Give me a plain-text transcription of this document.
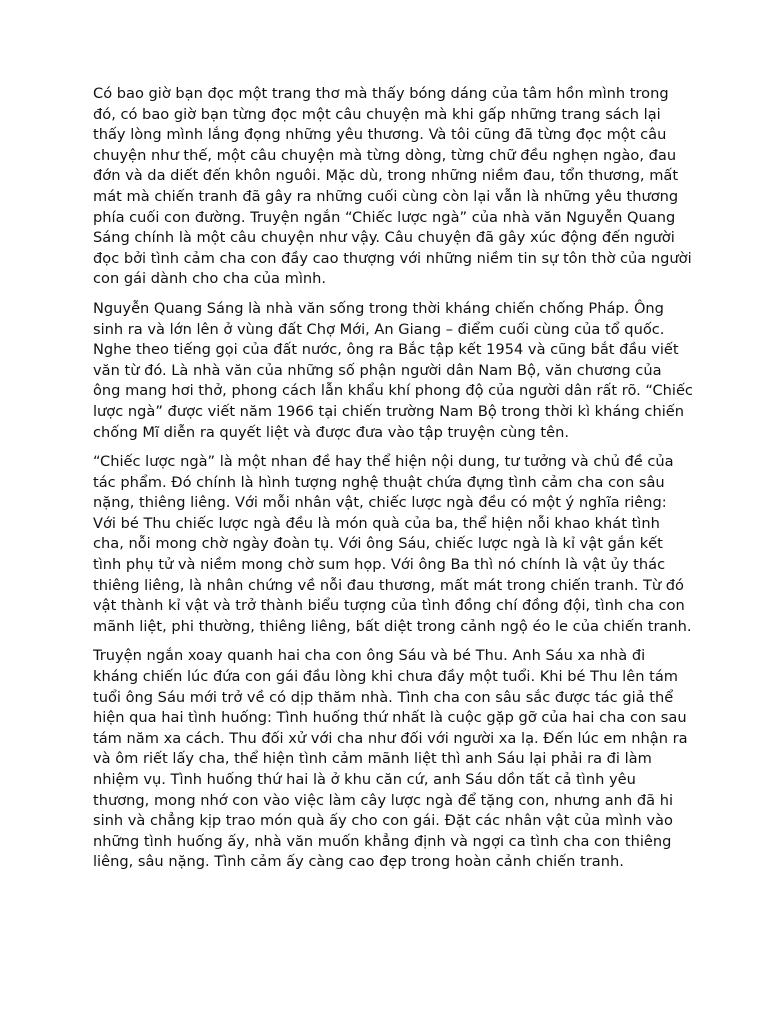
Có bao giờ bạn đọc một trang thơ mà thấy bóng dáng của tâm hồn mình trong đó, có bao giờ bạn từng đọc một câu chuyện mà khi gấp những trang sách lại thấy lòng mình lắng đọng những yêu thương. Và tôi cũng đã từng đọc một câu chuyện như thế, một câu chuyện mà từng dòng, từng chữ đều nghẹn ngào, đau đớn và da diết đến khôn nguôi. Mặc dù, trong những niềm đau, tổn thương, mất mát mà chiến tranh đã gây ra những cuối cùng còn lại vẫn là những yêu thương phía cuối con đường. Truyện ngắn “Chiếc lược ngà” của nhà văn Nguyễn Quang Sáng chính là một câu chuyện như vậy. Câu chuyện đã gây xúc động đến người đọc bởi tình cảm cha con đầy cao thượng với những niềm tin sự tôn thờ của người con gái dành cho cha của mình.

Nguyễn Quang Sáng là nhà văn sống trong thời kháng chiến chống Pháp. Ông sinh ra và lớn lên ở vùng đất Chợ Mới, An Giang – điểm cuối cùng của tổ quốc. Nghe theo tiếng gọi của đất nước, ông ra Bắc tập kết 1954 và cũng bắt đầu viết văn từ đó. Là nhà văn của những số phận người dân Nam Bộ, văn chương của ông mang hơi thở, phong cách lẫn khẩu khí phong độ của người dân rất rõ. “Chiếc lược ngà” được viết năm 1966 tại chiến trường Nam Bộ trong thời kì kháng chiến chống Mĩ diễn ra quyết liệt và được đưa vào tập truyện cùng tên.

“Chiếc lược ngà” là một nhan đề hay thể hiện nội dung, tư tưởng và chủ đề của tác phẩm. Đó chính là hình tượng nghệ thuật chứa đựng tình cảm cha con sâu nặng, thiêng liêng. Với mỗi nhân vật, chiếc lược ngà đều có một ý nghĩa riêng: Với bé Thu chiếc lược ngà đều là món quà của ba, thể hiện nỗi khao khát tình cha, nỗi mong chờ ngày đoàn tụ. Với ông Sáu, chiếc lược ngà là kỉ vật gắn kết tình phụ tử và niềm mong chờ sum họp. Với ông Ba thì nó chính là vật ủy thác thiêng liêng, là nhân chứng về nỗi đau thương, mất mát trong chiến tranh. Từ đó vật thành kỉ vật và trở thành biểu tượng của tình đồng chí đồng đội, tình cha con mãnh liệt, phi thường, thiêng liêng, bất diệt trong cảnh ngộ éo le của chiến tranh.

Truyện ngắn xoay quanh hai cha con ông Sáu và bé Thu. Anh Sáu xa nhà đi kháng chiến lúc đứa con gái đầu lòng khi chưa đầy một tuổi. Khi bé Thu lên tám tuổi ông Sáu mới trở về có dịp thăm nhà. Tình cha con sâu sắc được tác giả thể hiện qua hai tình huống: Tình huống thứ nhất là cuộc gặp gỡ của hai cha con sau tám năm xa cách. Thu đối xử với cha như đối với người xa lạ. Đến lúc em nhận ra và ôm riết lấy cha, thể hiện tình cảm mãnh liệt thì anh Sáu lại phải ra đi làm nhiệm vụ. Tình huống thứ hai là ở khu căn cứ, anh Sáu dồn tất cả tình yêu thương, mong nhớ con vào việc làm cây lược ngà để tặng con, nhưng anh đã hi sinh và chẳng kịp trao món quà ấy cho con gái. Đặt các nhân vật của mình vào những tình huống ấy, nhà văn muốn khẳng định và ngợi ca tình cha con thiêng liêng, sâu nặng. Tình cảm ấy càng cao đẹp trong hoàn cảnh chiến tranh.
